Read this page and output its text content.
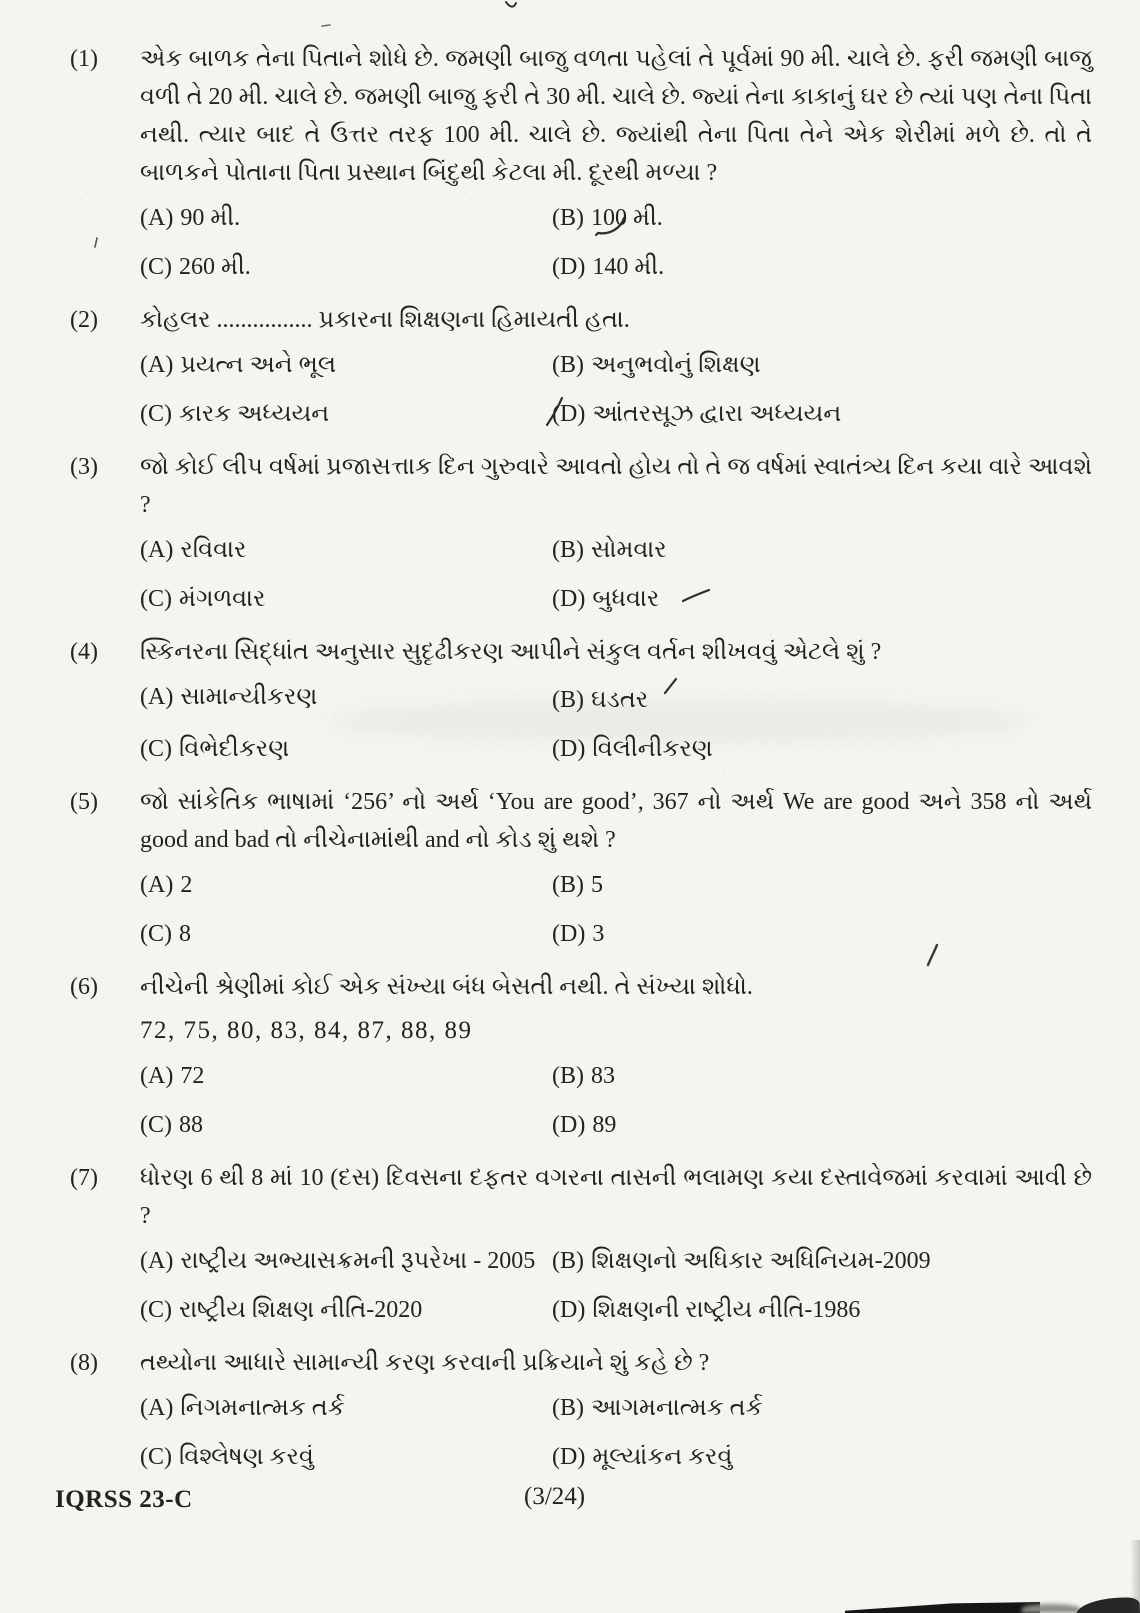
(1)	એક બાળક તેના પિતાને શોધે છે. જમણી બાજુ વળતા પહેલાં તે પૂર્વમાં 90 મી. ચાલે છે. ફરી જમણી બાજુ વળી તે 20 મી. ચાલે છે. જમણી બાજુ ફરી તે 30 મી. ચાલે છે. જ્યાં તેના કાકાનું ઘર છે ત્યાં પણ તેના પિતા નથી. ત્યાર બાદ તે ઉત્તર તરફ 100 મી. ચાલે છે. જ્યાંથી તેના પિતા તેને એક શેરીમાં મળે છે. તો તે બાળકને પોતાના પિતા પ્રસ્થાન બિંદુથી કેટલા મી. દૂરથી મળ્યા ?
(A) 90 મી.	(B) 100 મી.
(C) 260 મી.	(D) 140 મી.
(2)	કોહલર ................ પ્રકારના શિક્ષણના હિમાયતી હતા.
(A) પ્રયત્ન અને ભૂલ	(B) અનુભવોનું શિક્ષણ
(C) કારક અધ્યયન	(D) આંતરસૂઝ દ્વારા અધ્યયન
(3)	જો કોઈ લીપ વર્ષમાં પ્રજાસત્તાક દિન ગુરુવારે આવતો હોય તો તે જ વર્ષમાં સ્વાતંત્ર્ય દિન કયા વારે આવશે ?
(A) રવિવાર	(B) સોમવાર
(C) મંગળવાર	(D) બુધવાર
(4)	સ્કિનરના સિદ્ધાંત અનુસાર સુદૃઢીકરણ આપીને સંકુલ વર્તન શીખવવું એટલે શું ?
(A) સામાન્યીકરણ	(B) ઘડતર
(C) વિભેદીકરણ	(D) વિલીનીકરણ
(5)	જો સાંકેતિક ભાષામાં ‘256’ નો અર્થ ‘You are good’, 367 નો અર્થ We are good અને 358 નો અર્થ good and bad તો નીચેનામાંથી and નો કોડ શું થશે ?
(A) 2	(B) 5
(C) 8	(D) 3
(6)	નીચેની શ્રેણીમાં કોઈ એક સંખ્યા બંધ બેસતી નથી. તે સંખ્યા શોધો.
72, 75, 80, 83, 84, 87, 88, 89
(A) 72	(B) 83
(C) 88	(D) 89
(7)	ધોરણ 6 થી 8 માં 10 (દસ) દિવસના દફતર વગરના તાસની ભલામણ કયા દસ્તાવેજમાં કરવામાં આવી છે ?
(A) રાષ્ટ્રીય અભ્યાસક્રમની રૂપરેખા - 2005 (B) શિક્ષણનો અધિકાર અધિનિયમ-2009
(C) રાષ્ટ્રીય શિક્ષણ નીતિ-2020	(D) શિક્ષણની રાષ્ટ્રીય નીતિ-1986
(8)	તથ્યોના આધારે સામાન્યી કરણ કરવાની પ્રક્રિયાને શું કહે છે ?
(A) નિગમનાત્મક તર્ક	(B) આગમનાત્મક તર્ક
(C) વિશ્લેષણ કરવું	(D) મૂલ્યાંકન કરવું
IQRSS 23-C	(3/24)
